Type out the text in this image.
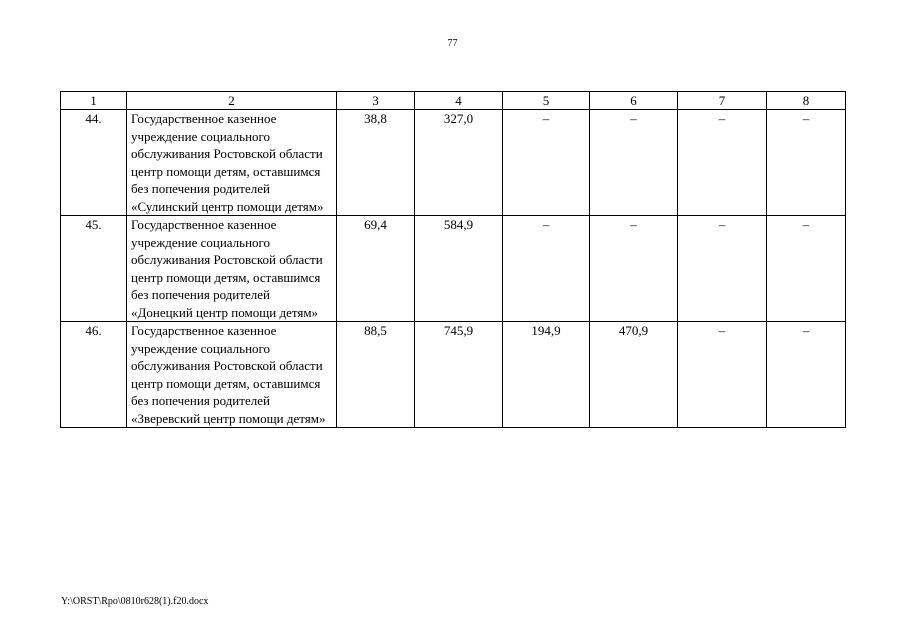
77
1	2	3	4	5	6	7	8
44.	Государственное казенное учреждение социального обслуживания Ростовской области центр помощи детям, оставшимся без попечения родителей «Сулинский центр помощи детям»	38,8	327,0	–	–	–	–
45.	Государственное казенное учреждение социального обслуживания Ростовской области центр помощи детям, оставшимся без попечения родителей «Донецкий центр помощи детям»	69,4	584,9	–	–	–	–
46.	Государственное казенное учреждение социального обслуживания Ростовской области центр помощи детям, оставшимся без попечения родителей «Зверевский центр помощи детям»	88,5	745,9	194,9	470,9	–	–
Y:\ORST\Rpo\0810r628(1).f20.docx
